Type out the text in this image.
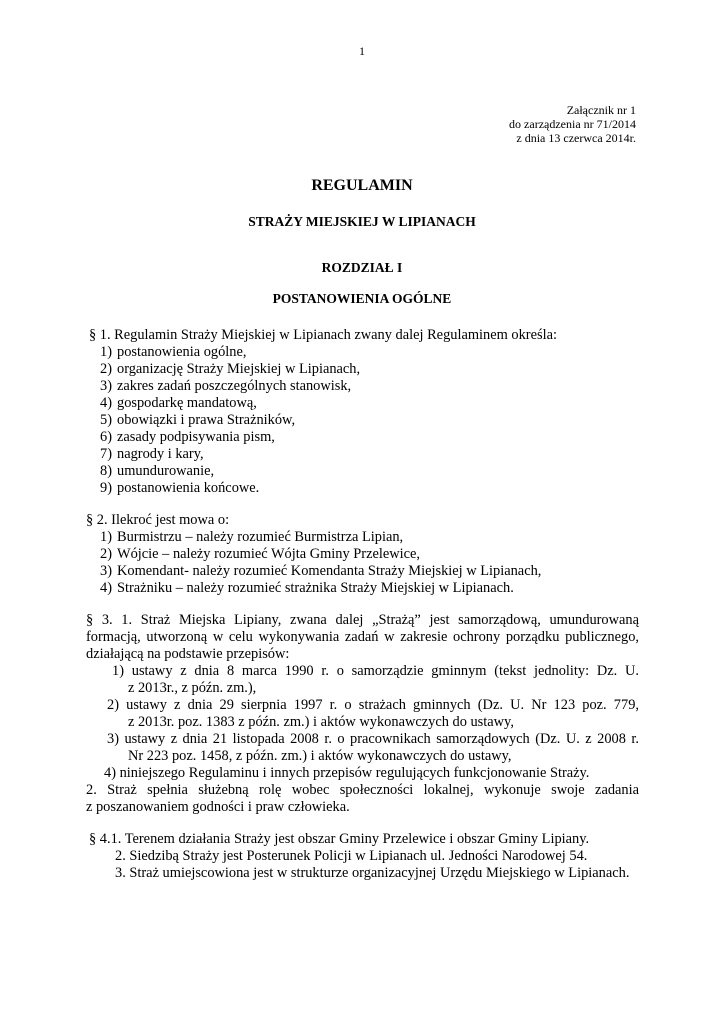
1
Załącznik nr 1
do zarządzenia nr 71/2014
z dnia 13 czerwca 2014r.
REGULAMIN
STRAŻY MIEJSKIEJ W LIPIANACH
ROZDZIAŁ I
POSTANOWIENIA OGÓLNE
§ 1. Regulamin Straży Miejskiej w Lipianach zwany dalej Regulaminem określa:
1) postanowienia ogólne,
2) organizację Straży Miejskiej w Lipianach,
3) zakres zadań poszczególnych stanowisk,
4) gospodarkę mandatową,
5) obowiązki i prawa Strażników,
6) zasady podpisywania pism,
7) nagrody i kary,
8) umundurowanie,
9) postanowienia końcowe.
§ 2. Ilekroć jest mowa o:
1) Burmistrzu – należy rozumieć Burmistrza Lipian,
2) Wójcie – należy rozumieć Wójta Gminy Przelewice,
3) Komendant- należy rozumieć Komendanta Straży Miejskiej w Lipianach,
4) Strażniku – należy rozumieć strażnika Straży Miejskiej w Lipianach.
§ 3. 1. Straż Miejska Lipiany, zwana dalej „Strażą” jest samorządową, umundurowaną
formacją, utworzoną w celu wykonywania zadań w zakresie ochrony porządku publicznego,
działającą na podstawie przepisów:
1) ustawy z dnia 8 marca 1990 r. o samorządzie gminnym (tekst jednolity: Dz. U.
z 2013r., z późn. zm.),
2) ustawy z dnia 29 sierpnia 1997 r. o strażach gminnych (Dz. U. Nr 123 poz. 779,
z 2013r. poz. 1383 z późn. zm.) i aktów wykonawczych do ustawy,
3) ustawy z dnia 21 listopada 2008 r. o pracownikach samorządowych (Dz. U. z 2008 r.
Nr 223 poz. 1458, z późn. zm.) i aktów wykonawczych do ustawy,
4) niniejszego Regulaminu i innych przepisów regulujących funkcjonowanie Straży.
2. Straż spełnia służebną rolę wobec społeczności lokalnej, wykonuje swoje zadania
z poszanowaniem godności i praw człowieka.
§ 4.1. Terenem działania Straży jest obszar Gminy Przelewice i obszar Gminy Lipiany.
2. Siedzibą Straży jest Posterunek Policji w Lipianach ul. Jedności Narodowej 54.
3. Straż umiejscowiona jest w strukturze organizacyjnej Urzędu Miejskiego w Lipianach.
